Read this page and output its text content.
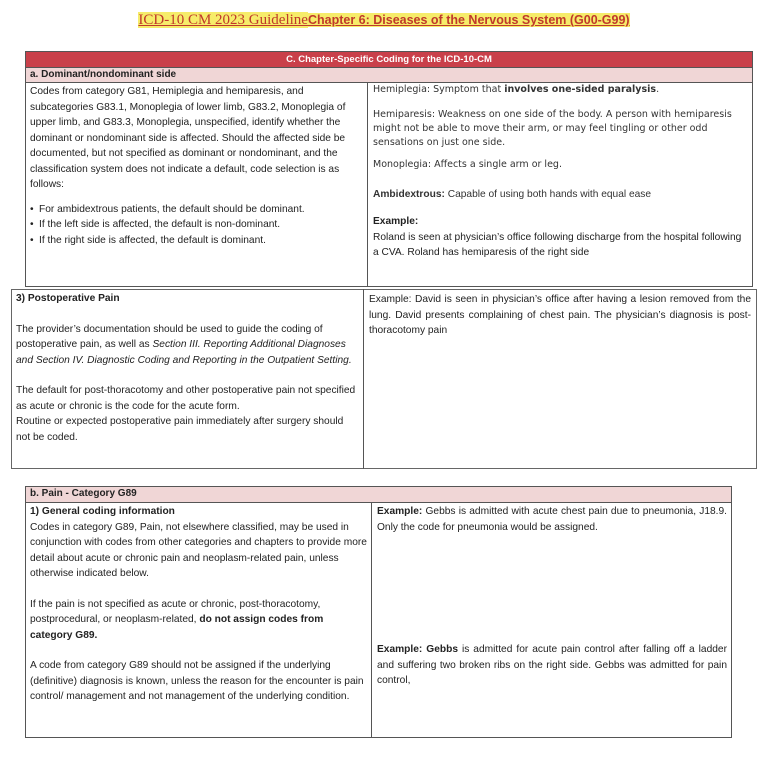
ICD-10 CM 2023 GuidelineChapter 6: Diseases of the Nervous System (G00-G99)
C. Chapter-Specific Coding for the ICD-10-CM
a. Dominant/nondominant side

Codes from category G81, Hemiplegia and hemiparesis, and subcategories G83.1, Monoplegia of lower limb, G83.2, Monoplegia of upper limb, and G83.3, Monoplegia, unspecified, identify whether the dominant or nondominant side is affected. Should the affected side be documented, but not specified as dominant or nondominant, and the classification system does not indicate a default, code selection is as follows:

• For ambidextrous patients, the default should be dominant.
• If the left side is affected, the default is non-dominant.
• If the right side is affected, the default is dominant.

Hemiplegia: Symptom that involves one-sided paralysis.

Hemiparesis: Weakness on one side of the body. A person with hemiparesis might not be able to move their arm, or may feel tingling or other odd sensations on just one side.

Monoplegia: Affects a single arm or leg.

Ambidextrous: Capable of using both hands with equal ease

Example:

Roland is seen at physician’s office following discharge from the hospital following a CVA. Roland has hemiparesis of the right side

3) Postoperative Pain

The provider’s documentation should be used to guide the coding of postoperative pain, as well as Section III. Reporting Additional Diagnoses and Section IV. Diagnostic Coding and Reporting in the Outpatient Setting.

The default for post-thoracotomy and other postoperative pain not specified as acute or chronic is the code for the acute form.

Routine or expected postoperative pain immediately after surgery should not be coded.

Example: David is seen in physician’s office after having a lesion removed from the lung. David presents complaining of chest pain. The physician’s diagnosis is post-thoracotomy pain
b. Pain - Category G89

1) General coding information

Codes in category G89, Pain, not elsewhere classified, may be used in conjunction with codes from other categories and chapters to provide more detail about acute or chronic pain and neoplasm-related pain, unless otherwise indicated below.

If the pain is not specified as acute or chronic, post-thoracotomy, postprocedural, or neoplasm-related, do not assign codes from category G89.

A code from category G89 should not be assigned if the underlying (definitive) diagnosis is known, unless the reason for the encounter is pain control/ management and not management of the underlying condition.

Example: Gebbs is admitted with acute chest pain due to pneumonia, J18.9. Only the code for pneumonia would be assigned.
Example: Gebbs is admitted for acute pain control after falling off a ladder and suffering two broken ribs on the right side. Gebbs was admitted for pain control,
